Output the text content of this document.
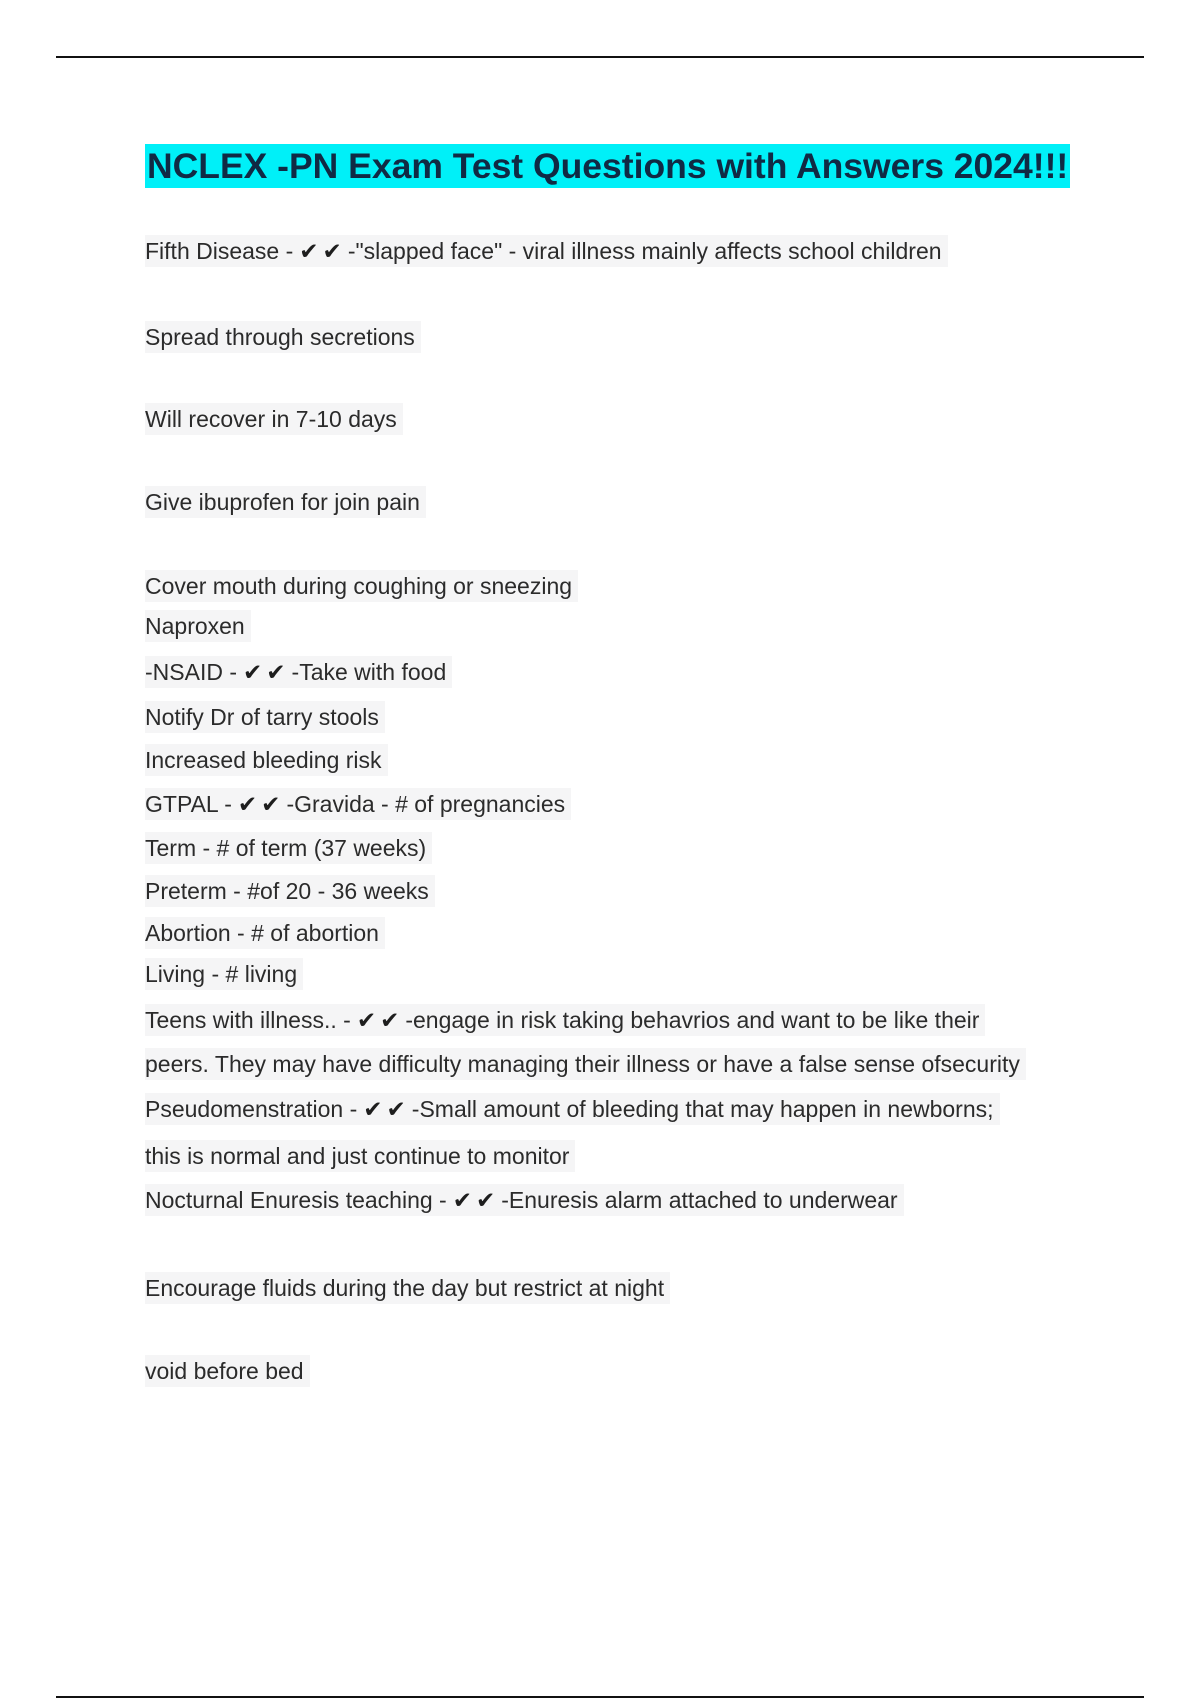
NCLEX -PN Exam Test Questions with Answers 2024!!!
Fifth Disease - ✔✔-"slapped face" - viral illness mainly affects school children
Spread through secretions
Will recover in 7-10 days
Give ibuprofen for join pain
Cover mouth during coughing or sneezing
Naproxen
-NSAID - ✔✔-Take with food
Notify Dr of tarry stools
Increased bleeding risk
GTPAL - ✔✔-Gravida - # of pregnancies
Term - # of term (37 weeks)
Preterm - #of 20 - 36 weeks
Abortion - # of abortion
Living - # living
Teens with illness.. - ✔✔-engage in risk taking behavrios and want to be like their
peers. They may have difficulty managing their illness or have a false sense ofsecurity
Pseudomenstration - ✔✔-Small amount of bleeding that may happen in newborns;
this is normal and just continue to monitor
Nocturnal Enuresis teaching - ✔✔-Enuresis alarm attached to underwear
Encourage fluids during the day but restrict at night
void before bed
